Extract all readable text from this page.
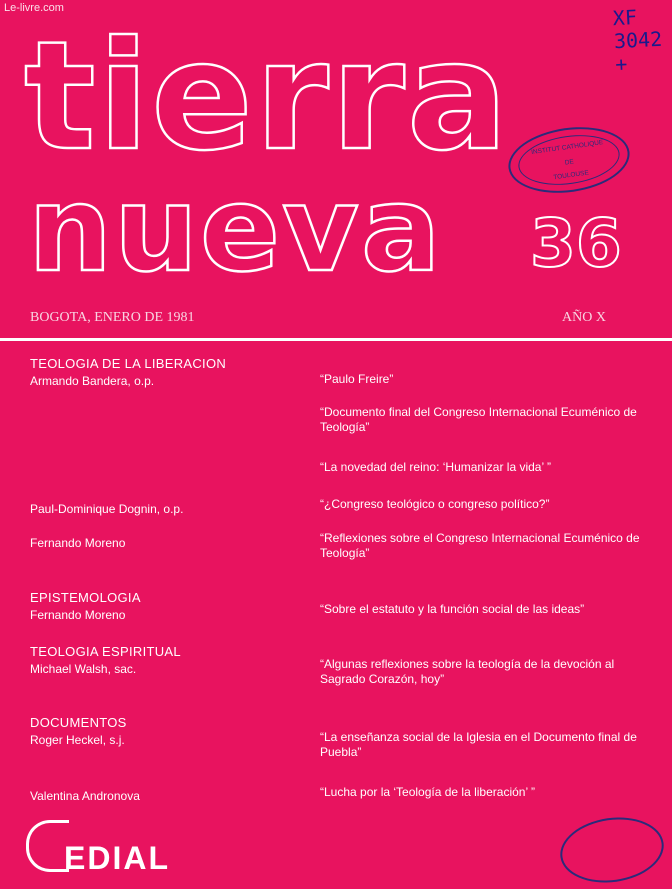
Le-livre.com
tierra
nueva 36
XF
3042
+
INSTITUT CATHOLIQUE
DE
TOULOUSE
BOGOTA, ENERO DE 1981	AÑO X
TEOLOGIA DE LA LIBERACION
Armando Bandera, o.p.
Paul-Dominique Dognin, o.p.
Fernando Moreno
EPISTEMOLOGIA
Fernando Moreno
TEOLOGIA ESPIRITUAL
Michael Walsh, sac.
DOCUMENTOS
Roger Heckel, s.j.
Valentina Andronova
“Paulo Freire”
“Documento final del Congreso Internacional Ecuménico de Teología”
“La novedad del reino: ‘Humanizar la vida’ ”
“¿Congreso teológico o congreso político?”
“Reflexiones sobre el Congreso Internacional Ecuménico de Teología”
“Sobre el estatuto y la función social de las ideas”
“Algunas reflexiones sobre la teología de la devoción al Sagrado Corazón, hoy”
“La enseñanza social de la Iglesia en el Documento final de Puebla”
“Lucha por la ‘Teología de la liberación’ ”
EDIAL
